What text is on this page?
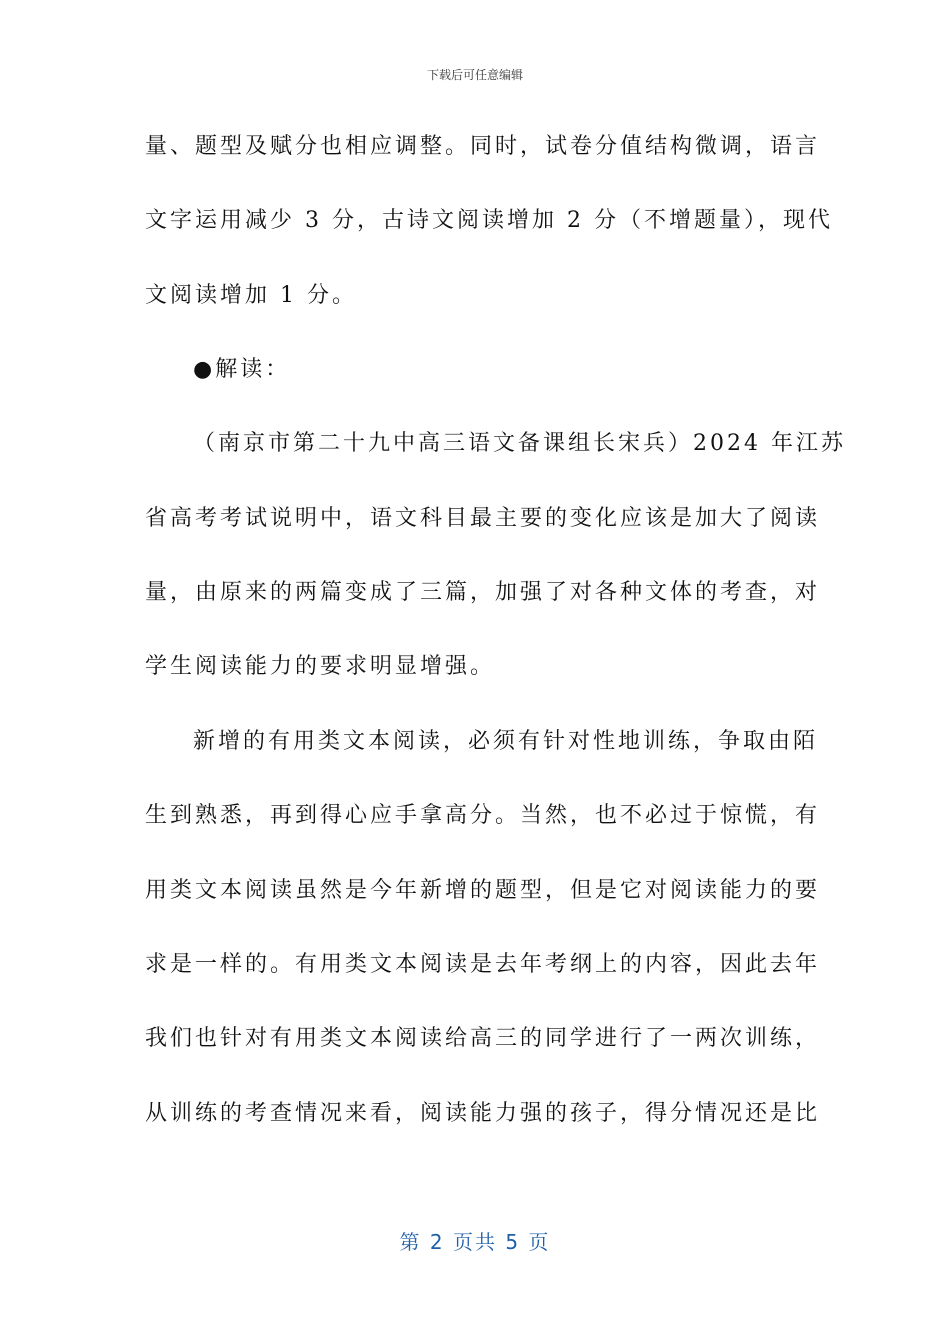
下载后可任意编辑
量、题型及赋分也相应调整。同时，试卷分值结构微调，语言
文字运用减少 3 分，古诗文阅读增加 2 分（不增题量），现代
文阅读增加 1 分。
●解读：
（南京市第二十九中高三语文备课组长宋兵）2024 年江苏
省高考考试说明中，语文科目最主要的变化应该是加大了阅读
量，由原来的两篇变成了三篇，加强了对各种文体的考查，对
学生阅读能力的要求明显增强。
新增的有用类文本阅读，必须有针对性地训练，争取由陌
生到熟悉，再到得心应手拿高分。当然，也不必过于惊慌，有
用类文本阅读虽然是今年新增的题型，但是它对阅读能力的要
求是一样的。有用类文本阅读是去年考纲上的内容，因此去年
我们也针对有用类文本阅读给高三的同学进行了一两次训练，
从训练的考查情况来看，阅读能力强的孩子，得分情况还是比
第 2 页共 5 页
